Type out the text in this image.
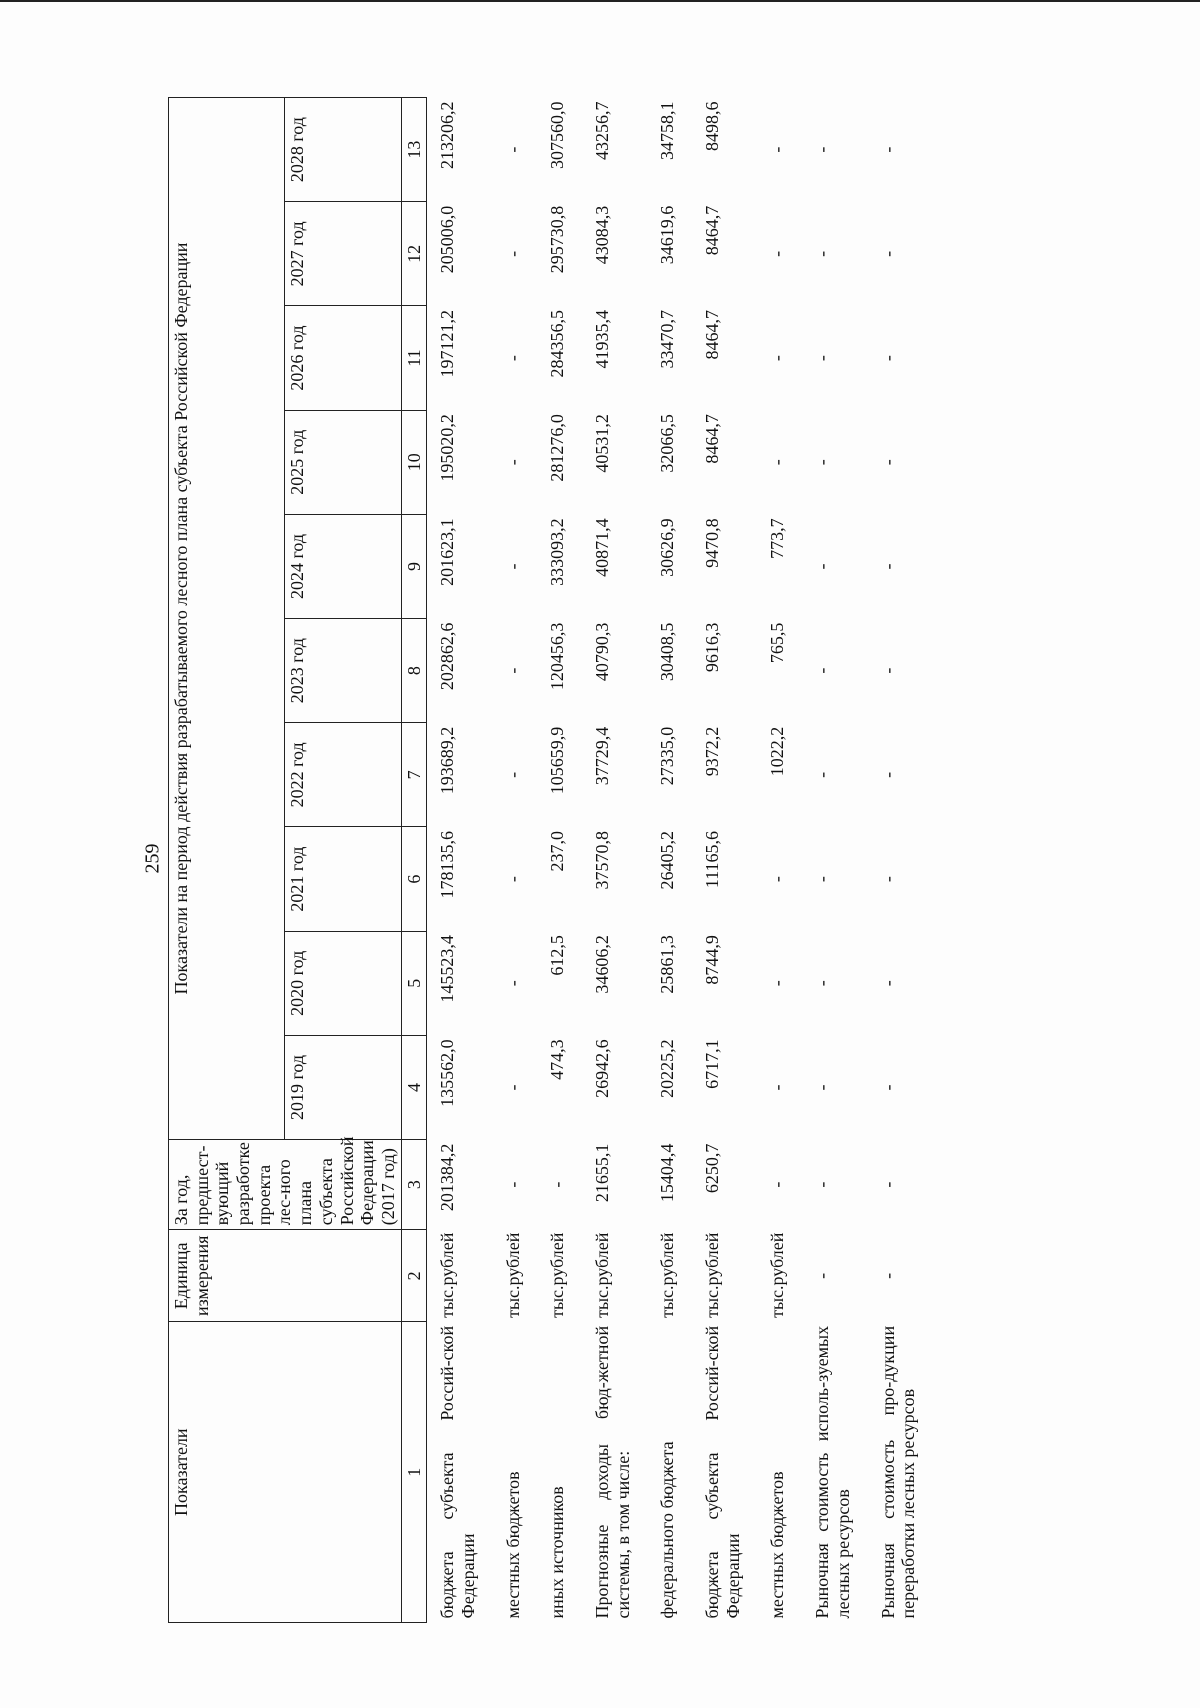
259
Показатели	Единица измерения	За год, предшест-вующий разработке проекта лес-ного плана субъекта Российской Федерации (2017 год)	Показатели на период действия разрабатываемого лесного плана субъекта Российской Федерации									
			2019 год	2020 год	2021 год	2022 год	2023 год	2024 год	2025 год	2026 год	2027 год	2028 год
1	2	3	4	5	6	7	8	9	10	11	12	13
бюджета субъекта Россий-ской Федерации	тыс.рублей	201384,2	135562,0	145523,4	178135,6	193689,2	202862,6	201623,1	195020,2	197121,2	205006,0	213206,2
местных бюджетов	тыс.рублей	-	-	-	-	-	-	-	-	-	-	-
иных источников	тыс.рублей	-	474,3	612,5	237,0	105659,9	120456,3	333093,2	281276,0	284356,5	295730,8	307560,0
Прогнозные доходы бюд-жетной системы, в том числе:	тыс.рублей	21655,1	26942,6	34606,2	37570,8	37729,4	40790,3	40871,4	40531,2	41935,4	43084,3	43256,7
федерального бюджета	тыс.рублей	15404,4	20225,2	25861,3	26405,2	27335,0	30408,5	30626,9	32066,5	33470,7	34619,6	34758,1
бюджета субъекта Россий-ской Федерации	тыс.рублей	6250,7	6717,1	8744,9	11165,6	9372,2	9616,3	9470,8	8464,7	8464,7	8464,7	8498,6
местных бюджетов	тыс.рублей	-	-	-	-	1022,2	765,5	773,7	-	-	-	-
Рыночная стоимость исполь-зуемых лесных ресурсов	-	-	-	-	-	-	-	-	-	-	-	-
Рыночная стоимость про-дукции переработки лесных ресурсов	-	-	-	-	-	-	-	-	-	-	-	-
